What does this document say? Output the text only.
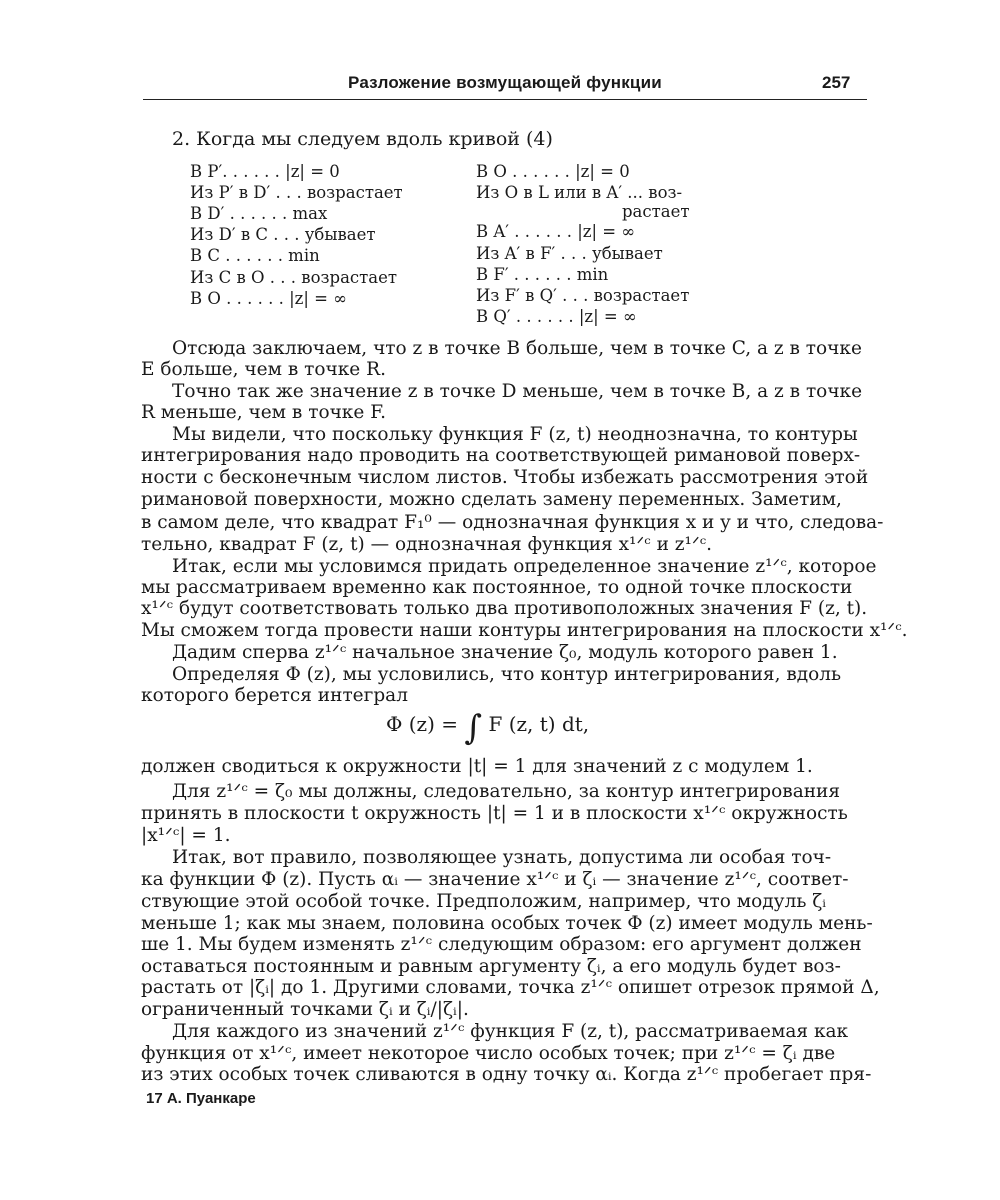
Разложение возмущающей функции	257
2. Когда мы следуем вдоль кривой (4)
В P′. . . . . . |z| = 0
Из P′ в D′ . . . возрастает
В D′ . . . . . . max
Из D′ в C . . . убывает
В C . . . . . . min
Из C в O . . . возрастает
В O . . . . . . |z| = ∞
В O . . . . . . |z| = 0
Из O в L или в A′ ... воз-
растает
В A′ . . . . . . |z| = ∞
Из A′ в F′ . . . убывает
В F′ . . . . . . min
Из F′ в Q′ . . . возрастает
В Q′ . . . . . . |z| = ∞
Отсюда заключаем, что z в точке B больше, чем в точке C, а z в точке
E больше, чем в точке R.
Точно так же значение z в точке D меньше, чем в точке B, а z в точке
R меньше, чем в точке F.
Мы видели, что поскольку функция F (z, t) неоднозначна, то контуры
интегрирования надо проводить на соответствующей римановой поверх-
ности с бесконечным числом листов. Чтобы избежать рассмотрения этой
римановой поверхности, можно сделать замену переменных. Заметим,
в самом деле, что квадрат F₁⁰ — однозначная функция x и y и что, следова-
тельно, квадрат F (z, t) — однозначная функция x¹ᐟᶜ и z¹ᐟᶜ.
Итак, если мы условимся придать определенное значение z¹ᐟᶜ, которое
мы рассматриваем временно как постоянное, то одной точке плоскости
x¹ᐟᶜ будут соответствовать только два противоположных значения F (z, t).
Мы сможем тогда провести наши контуры интегрирования на плоскости x¹ᐟᶜ.
Дадим сперва z¹ᐟᶜ начальное значение ζ₀, модуль которого равен 1.
Определяя Φ (z), мы условились, что контур интегрирования, вдоль
которого берется интеграл
Φ (z) = ∫ F (z, t) dt,
должен сводиться к окружности |t| = 1 для значений z с модулем 1.
Для z¹ᐟᶜ = ζ₀ мы должны, следовательно, за контур интегрирования
принять в плоскости t окружность |t| = 1 и в плоскости x¹ᐟᶜ окружность
|x¹ᐟᶜ| = 1.
Итак, вот правило, позволяющее узнать, допустима ли особая точ-
ка функции Φ (z). Пусть αᵢ — значение x¹ᐟᶜ и ζᵢ — значение z¹ᐟᶜ, соответ-
ствующие этой особой точке. Предположим, например, что модуль ζᵢ
меньше 1; как мы знаем, половина особых точек Φ (z) имеет модуль мень-
ше 1. Мы будем изменять z¹ᐟᶜ следующим образом: его аргумент должен
оставаться постоянным и равным аргументу ζᵢ, а его модуль будет воз-
растать от |ζᵢ| до 1. Другими словами, точка z¹ᐟᶜ опишет отрезок прямой Δ,
ограниченный точками ζᵢ и ζᵢ/|ζᵢ|.
Для каждого из значений z¹ᐟᶜ функция F (z, t), рассматриваемая как
функция от x¹ᐟᶜ, имеет некоторое число особых точек; при z¹ᐟᶜ = ζᵢ две
из этих особых точек сливаются в одну точку αᵢ. Когда z¹ᐟᶜ пробегает пря-
17 А. Пуанкаре
